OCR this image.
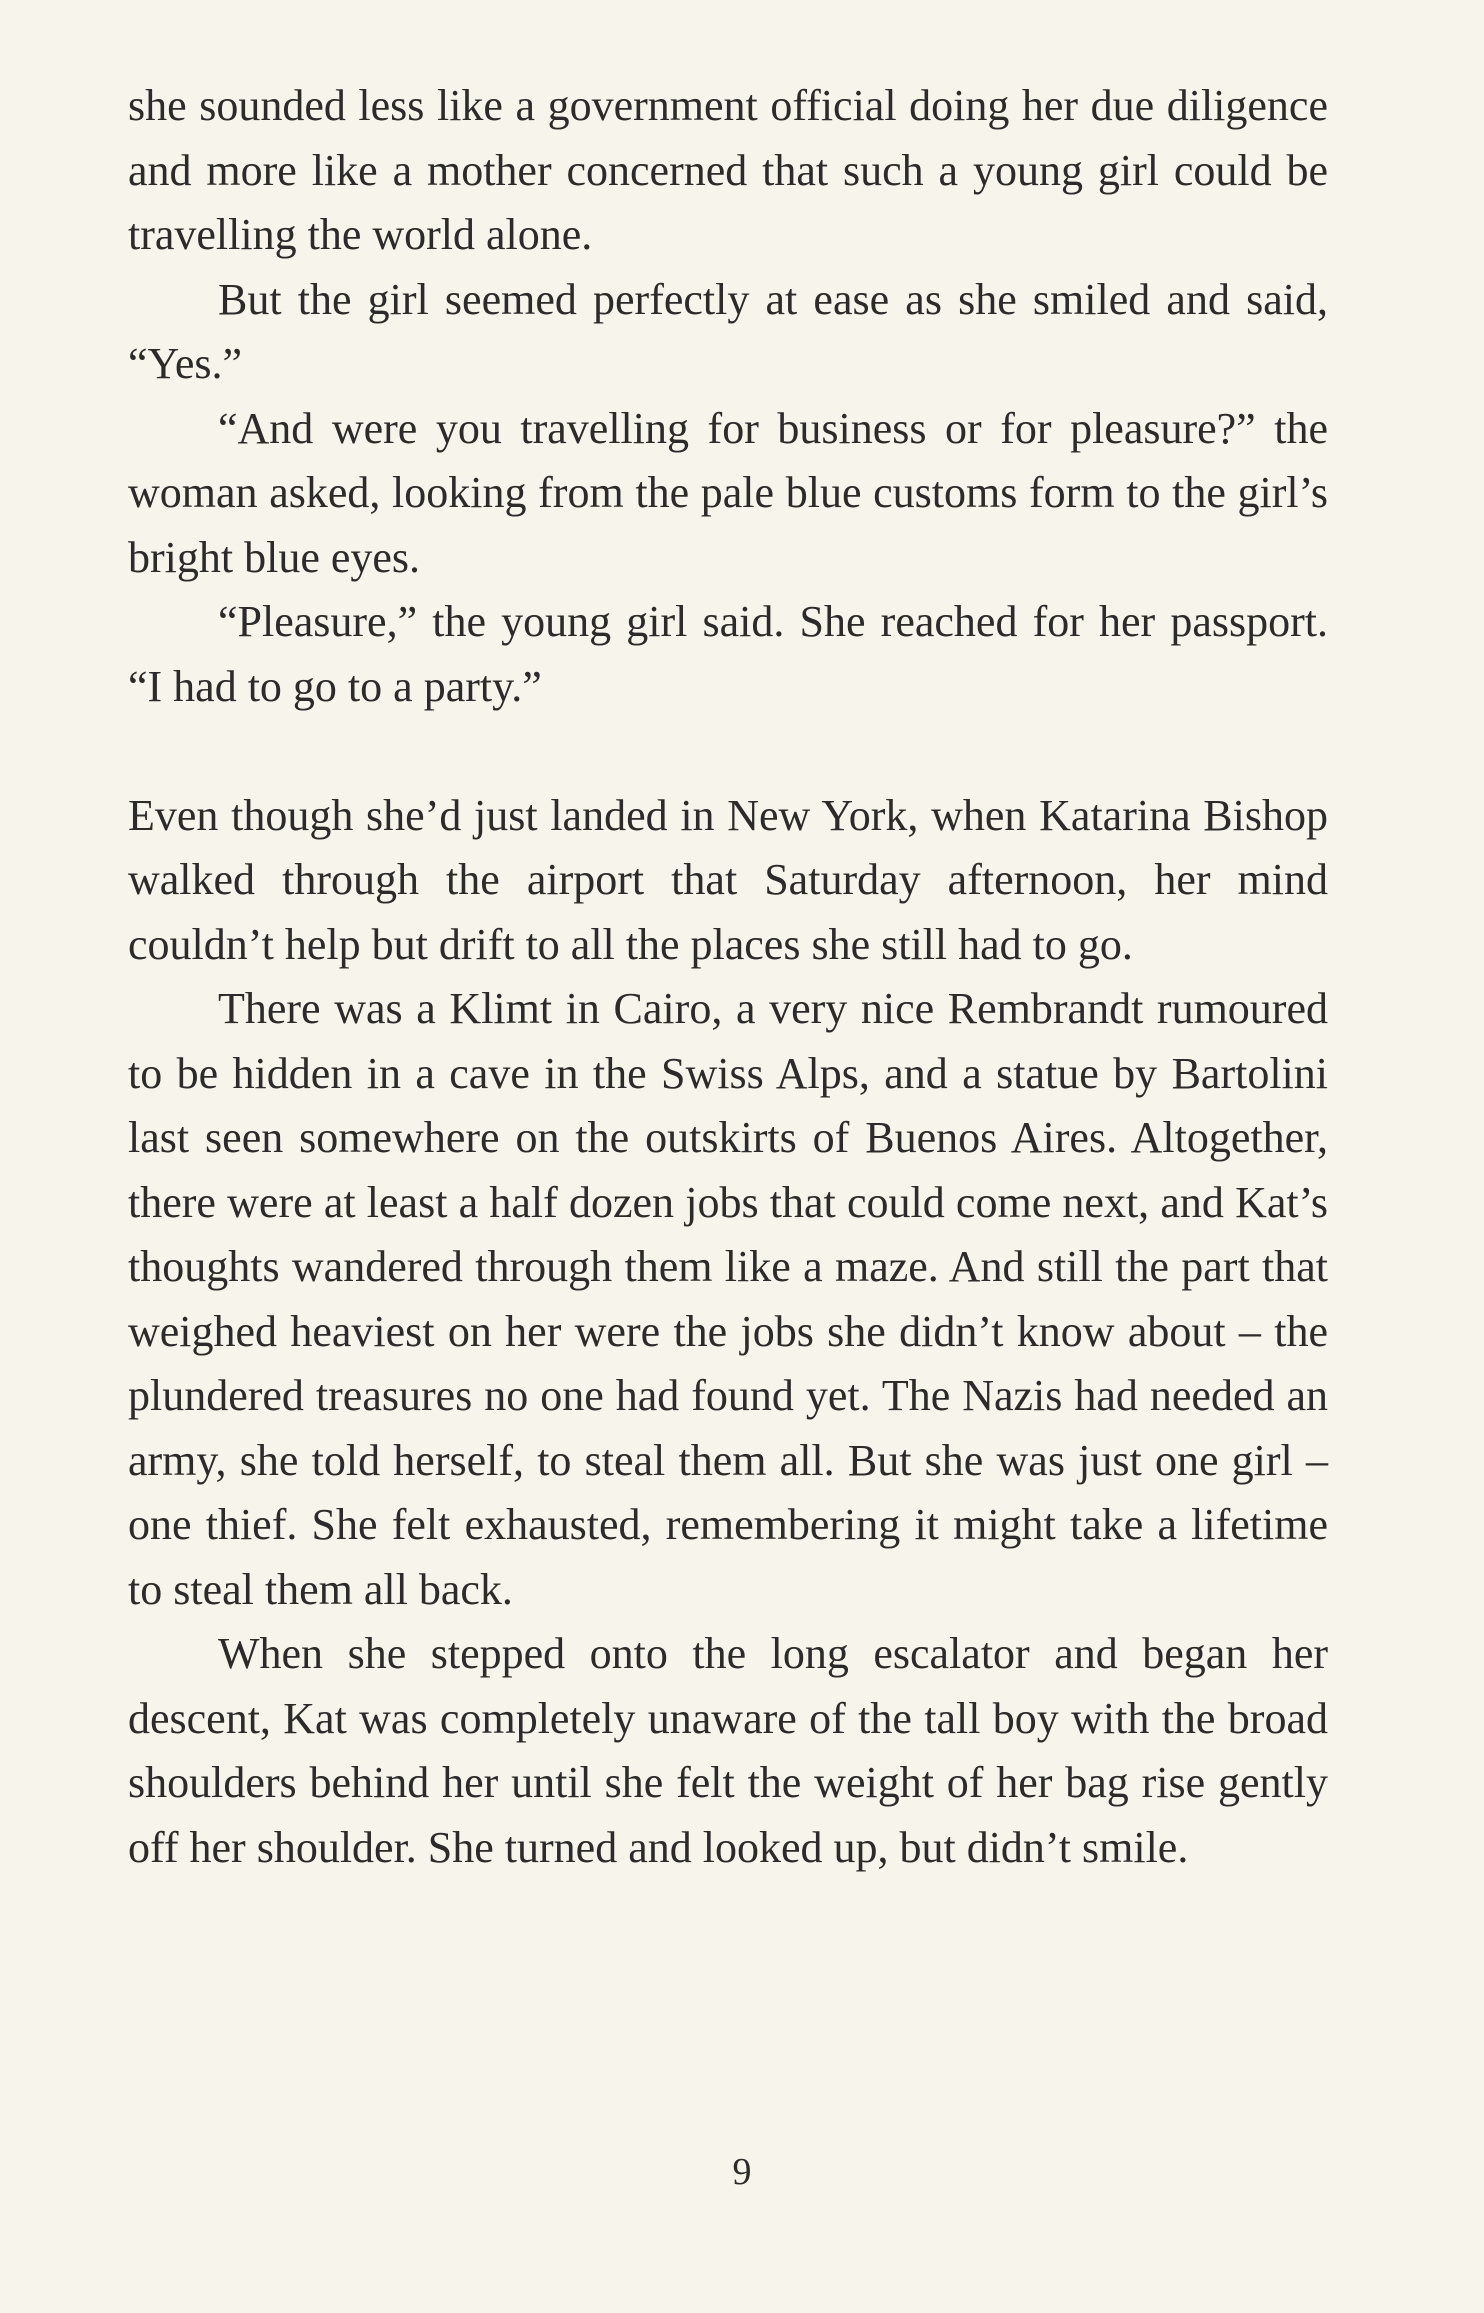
she sounded less like a government official doing her due diligence and more like a mother concerned that such a young girl could be travelling the world alone.

But the girl seemed perfectly at ease as she smiled and said, “Yes.”

“And were you travelling for business or for pleasure?” the woman asked, looking from the pale blue customs form to the girl’s bright blue eyes.

“Pleasure,” the young girl said. She reached for her passport. “I had to go to a party.”

Even though she’d just landed in New York, when Katarina Bishop walked through the airport that Saturday afternoon, her mind couldn’t help but drift to all the places she still had to go.

There was a Klimt in Cairo, a very nice Rembrandt rumoured to be hidden in a cave in the Swiss Alps, and a statue by Bartolini last seen somewhere on the outskirts of Buenos Aires. Altogether, there were at least a half dozen jobs that could come next, and Kat’s thoughts wandered through them like a maze. And still the part that weighed heaviest on her were the jobs she didn’t know about – the plundered treasures no one had found yet. The Nazis had needed an army, she told herself, to steal them all. But she was just one girl – one thief. She felt exhausted, remembering it might take a lifetime to steal them all back.

When she stepped onto the long escalator and began her descent, Kat was completely unaware of the tall boy with the broad shoulders behind her until she felt the weight of her bag rise gently off her shoulder. She turned and looked up, but didn’t smile.

9
